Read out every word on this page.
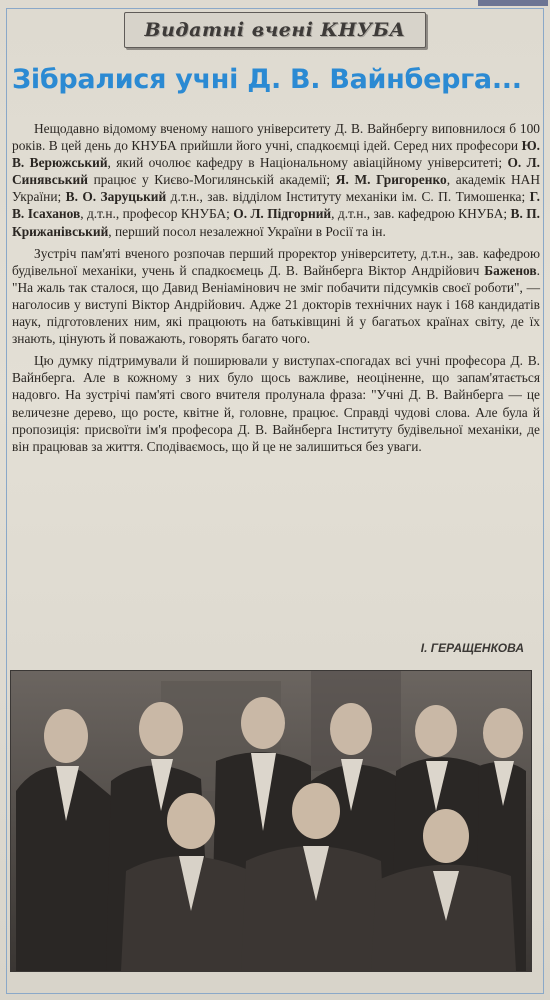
Видатні вчені КНУБА
Зібралися учні Д. В. Вайнберга...

Нещодавно відомому вченому нашого університету Д. В. Вайнбергу виповнилося б 100 років. В цей день до КНУБА прийшли його учні, спадкоємці ідей. Серед них професори Ю. В. Верюжський, який очолює кафедру в Національному авіаційному університеті; О. Л. Синявський працює у Києво-Могилянській академії; Я. М. Григоренко, академік НАН України; В. О. Заруцький д.т.н., зав. відділом Інституту механіки ім. С. П. Тимошенка; Г. В. Ісаханов, д.т.н., професор КНУБА; О. Л. Підгорний, д.т.н., зав. кафедрою КНУБА; В. П. Крижанівський, перший посол незалежної України в Росії та ін.

Зустріч пам'яті вченого розпочав перший проректор університету, д.т.н., зав. кафедрою будівельної механіки, учень й спадкоємець Д. В. Вайнберга Віктор Андрійович Баженов. "На жаль так сталося, що Давид Веніамінович не зміг побачити підсумків своєї роботи", — наголосив у виступі Віктор Андрійович. Адже 21 докторів технічних наук і 168 кандидатів наук, підготовлених ним, які працюють на батьківщині й у багатьох країнах світу, де їх знають, цінують й поважають, говорять багато чого.

Цю думку підтримували й поширювали у виступах-спогадах всі учні професора Д. В. Вайнберга. Але в кожному з них було щось важливе, неоціненне, що запам'ятається надовго. На зустрічі пам'яті свого вчителя пролунала фраза: "Учні Д. В. Вайнберга — це величезне дерево, що росте, квітне й, головне, працює. Справді чудові слова. Але була й пропозиція: присвоїти ім'я професора Д. В. Вайнберга Інституту будівельної механіки, де він працював за життя. Сподіваємось, що й це не залишиться без уваги.

І. ГЕРАЩЕНКОВА
